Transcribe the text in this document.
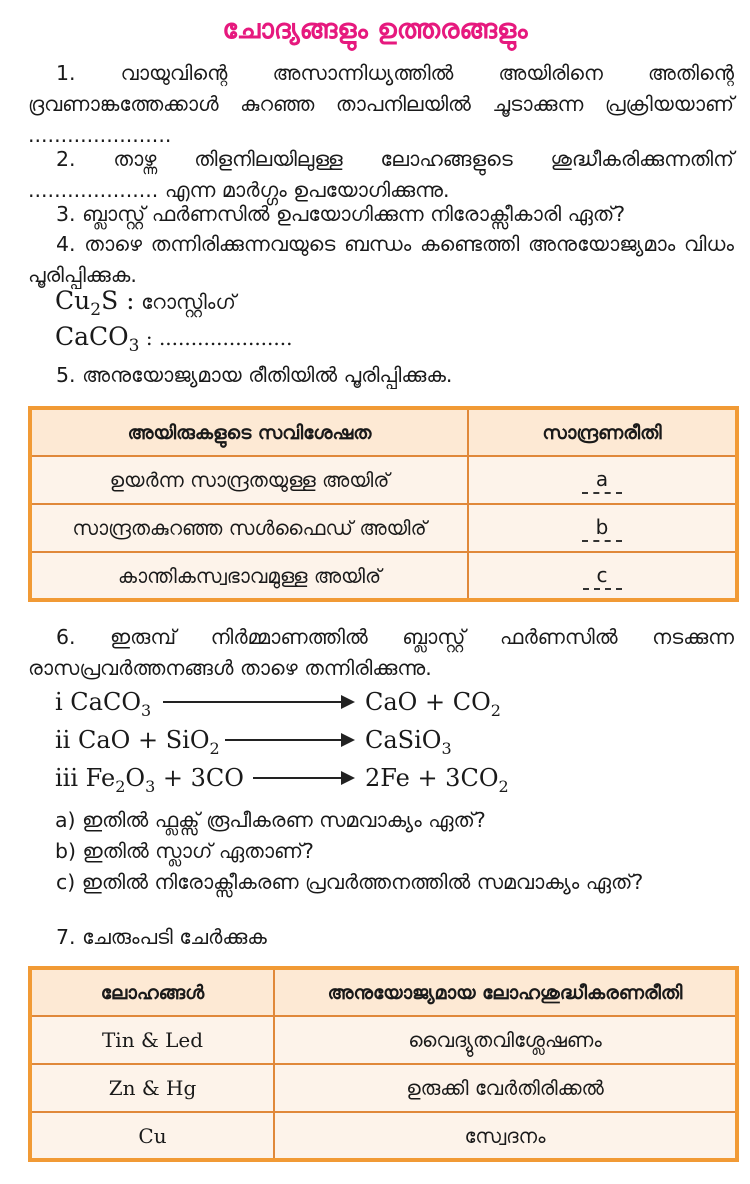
ചോദ്യങ്ങളും ഉത്തരങ്ങളും
1. വായുവിന്റെ അസാന്നിധ്യത്തിൽ അയിരിനെ അതിന്റെ ദ്രവണാങ്കത്തേക്കാൾ കുറഞ്ഞ താപനിലയിൽ ചൂടാക്കുന്ന പ്രക്രിയയാണ് ......................
2. താഴ്ന്ന തിളനിലയിലുള്ള ലോഹങ്ങളുടെ ശുദ്ധീകരിക്കുന്നതിന് .................... എന്ന മാർഗ്ഗം ഉപയോഗിക്കുന്നു.
3. ബ്ലാസ്റ്റ് ഫർണസിൽ ഉപയോഗിക്കുന്ന നിരോക്സീകാരി ഏത്?
4. താഴെ തന്നിരിക്കുന്നവയുടെ ബന്ധം കണ്ടെത്തി അനുയോജ്യമാം വിധം പൂരിപ്പിക്കുക.
$Cu_2S$ : റോസ്റ്റിംഗ്
CaCO$_3$ : .....................
5. അനുയോജ്യമായ രീതിയിൽ പൂരിപ്പിക്കുക.
അയിരുകളുടെ സവിശേഷത	സാന്ദ്രണരീതി
ഉയർന്ന സാന്ദ്രതയുള്ള അയിര്	a
സാന്ദ്രതകുറഞ്ഞ സൾഫൈഡ് അയിര്	b
കാന്തികസ്വഭാവമുള്ള അയിര്	c
6. ഇരുമ്പ് നിർമ്മാണത്തിൽ ബ്ലാസ്റ്റ് ഫർണസിൽ നടക്കുന്ന രാസപ്രവർത്തനങ്ങൾ താഴെ തന്നിരിക്കുന്നു.
i CaCO$_3$	CaO + $CO_2$
ii CaO + SiO$_2$	CaSiO$_3$
iii $Fe_2O_3 + 3CO$	$2Fe + 3CO_2$
a) ഇതിൽ ഫ്ലക്സ് രൂപീകരണ സമവാക്യം ഏത്?
b) ഇതിൽ സ്ലാഗ് ഏതാണ്?
c) ഇതിൽ നിരോക്സീകരണ പ്രവർത്തനത്തിൽ സമവാക്യം ഏത്?
7. ചേരുംപടി ചേർക്കുക
ലോഹങ്ങൾ	അനുയോജ്യമായ ലോഹശുദ്ധീകരണരീതി
Tin & Led	വൈദ്യുതവിശ്ലേഷണം
Zn & Hg	ഉരുക്കി വേർതിരിക്കൽ
Cu	സ്വേദനം
